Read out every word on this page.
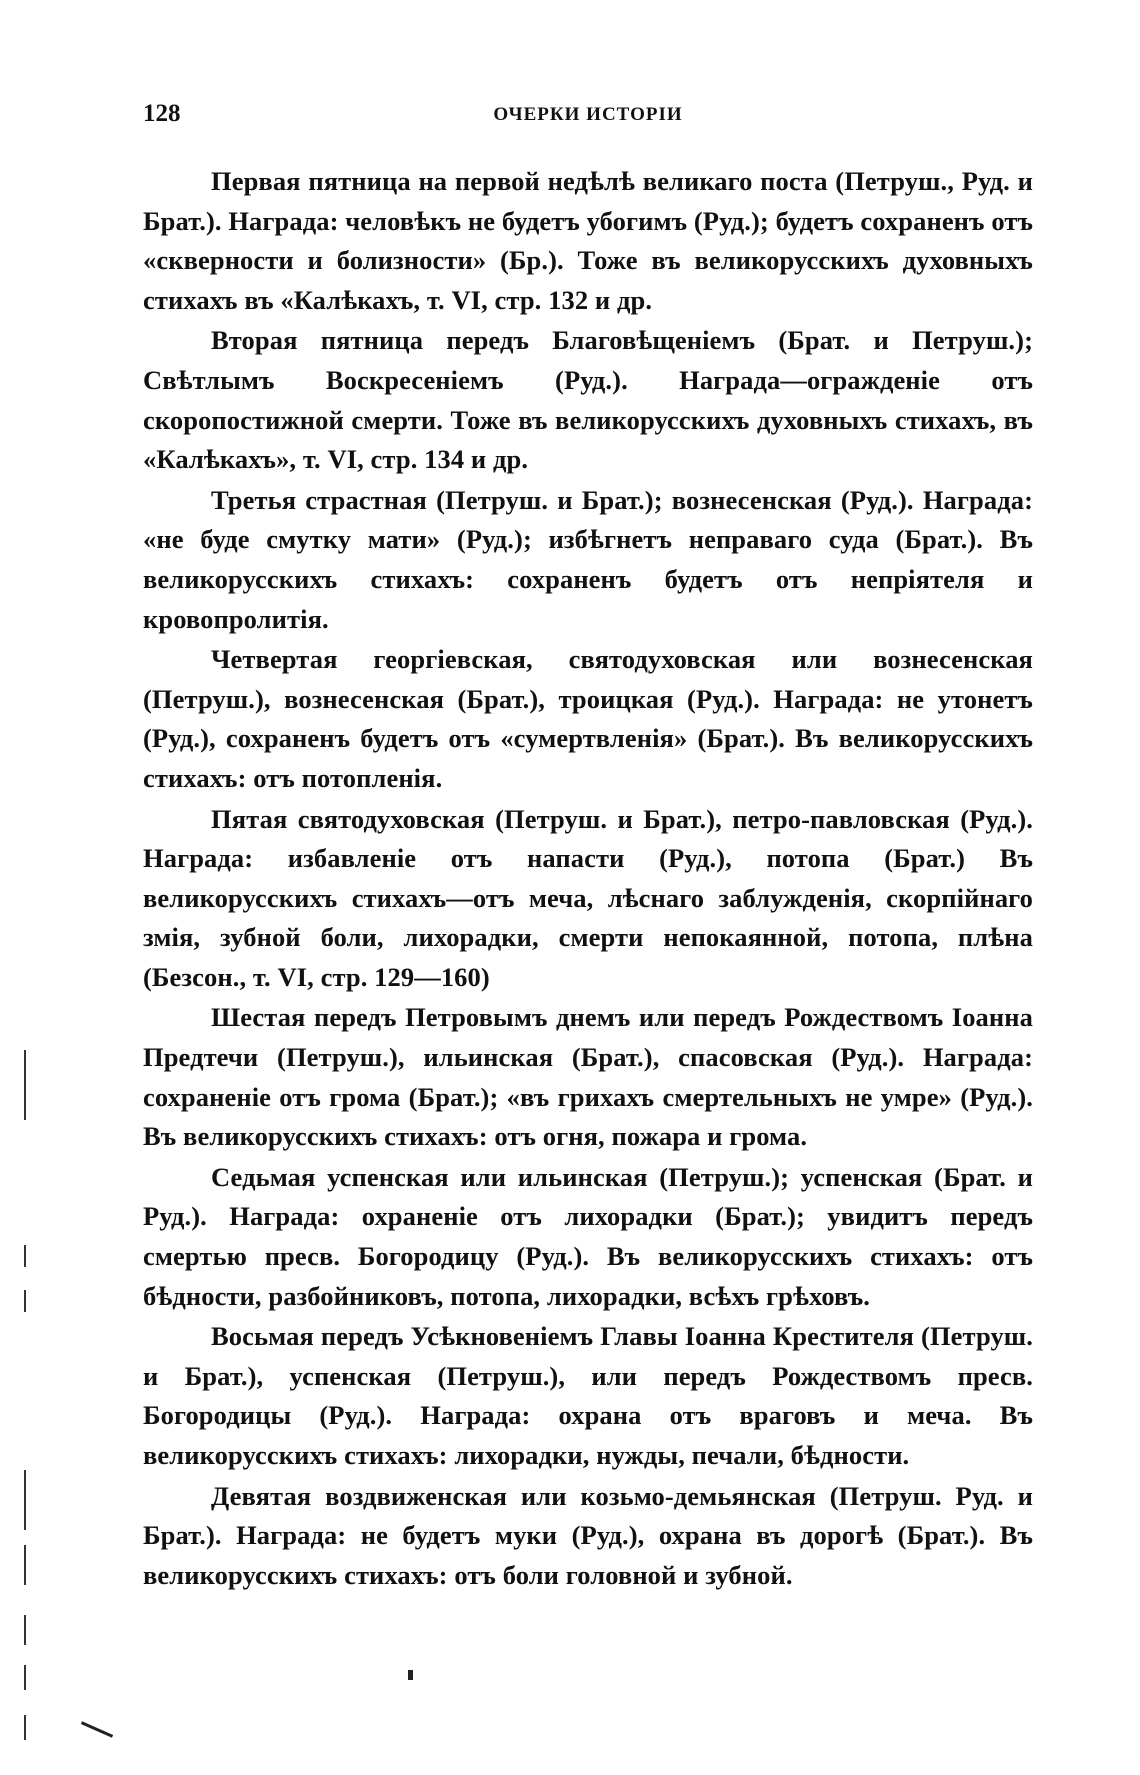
128	ОЧЕРКИ ИСТОРІИ

Первая пятница на первой недѣлѣ великаго поста (Петруш., Руд. и Брат.). Награда: человѣкъ не будетъ убогимъ (Руд.); будетъ сохраненъ отъ «скверности и болизности» (Бр.). Тоже въ великорусскихъ духовныхъ стихахъ въ «Калѣкахъ, т. VI, стр. 132 и др.

Вторая пятница передъ Благовѣщеніемъ (Брат. и Петруш.); Свѣтлымъ Воскресеніемъ (Руд.). Награда—огражденіе отъ скоропостижной смерти. Тоже въ великорусскихъ духовныхъ стихахъ, въ «Калѣкахъ», т. VI, стр. 134 и др.

Третья страстная (Петруш. и Брат.); вознесенская (Руд.). Награда: «не буде смутку мати» (Руд.); избѣгнетъ неправаго суда (Брат.). Въ великорусскихъ стихахъ: сохраненъ будетъ отъ непріятеля и кровопролитія.

Четвертая георгіевская, святодуховская или вознесенская (Петруш.), вознесенская (Брат.), троицкая (Руд.). Награда: не утонетъ (Руд.), сохраненъ будетъ отъ «сумертвленія» (Брат.). Въ великорусскихъ стихахъ: отъ потопленія.

Пятая святодуховская (Петруш. и Брат.), петро-павловская (Руд.). Награда: избавленіе отъ напасти (Руд.), потопа (Брат.) Въ великорусскихъ стихахъ—отъ меча, лѣснаго заблужденія, скорпійнаго змія, зубной боли, лихорадки, смерти непокаянной, потопа, плѣна (Безсон., т. VI, стр. 129—160)

Шестая передъ Петровымъ днемъ или передъ Рождествомъ Іоанна Предтечи (Петруш.), ильинская (Брат.), спасовская (Руд.). Награда: сохраненіе отъ грома (Брат.); «въ грихахъ смертельныхъ не умре» (Руд.). Въ великорусскихъ стихахъ: отъ огня, пожара и грома.

Седьмая успенская или ильинская (Петруш.); успенская (Брат. и Руд.). Награда: охраненіе отъ лихорадки (Брат.); увидитъ передъ смертью пресв. Богородицу (Руд.). Въ великорусскихъ стихахъ: отъ бѣдности, разбойниковъ, потопа, лихорадки, всѣхъ грѣховъ.

Восьмая передъ Усѣкновеніемъ Главы Іоанна Крестителя (Петруш. и Брат.), успенская (Петруш.), или передъ Рождествомъ пресв. Богородицы (Руд.). Награда: охрана отъ враговъ и меча. Въ великорусскихъ стихахъ: лихорадки, нужды, печали, бѣдности.

Девятая воздвиженская или козьмо-демьянская (Петруш. Руд. и Брат.). Награда: не будетъ муки (Руд.), охрана въ дорогѣ (Брат.). Въ великорусскихъ стихахъ: отъ боли головной и зубной.
